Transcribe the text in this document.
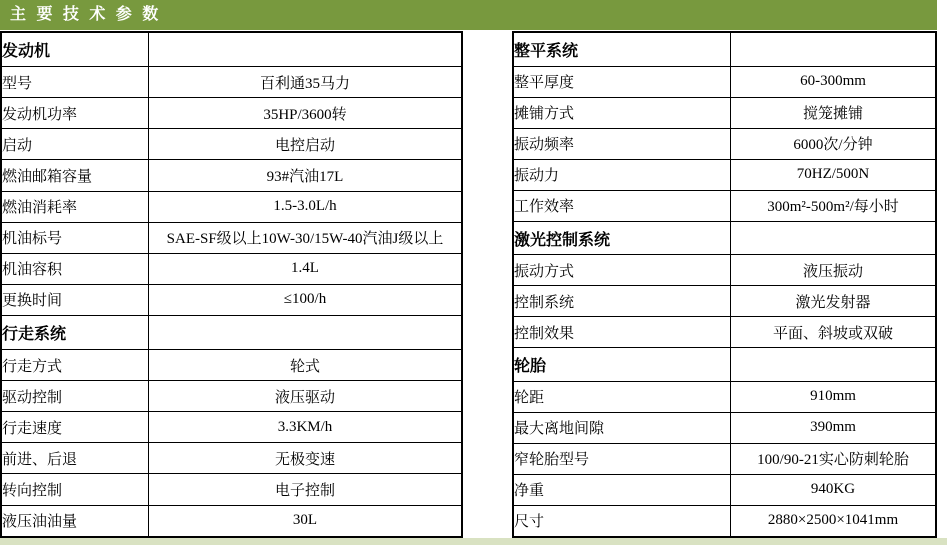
主 要 技 术 参 数
发动机	
型号	百利通35马力
发动机功率	35HP/3600转
启动	电控启动
燃油邮箱容量	93#汽油17L
燃油消耗率	1.5-3.0L/h
机油标号	SAE-SF级以上10W-30/15W-40汽油J级以上
机油容积	1.4L
更换时间	≤100/h
行走系统	
行走方式	轮式
驱动控制	液压驱动
行走速度	3.3KM/h
前进、后退	无极变速
转向控制	电子控制
液压油油量	30L
整平系统	
整平厚度	60-300mm
摊铺方式	搅笼摊铺
振动频率	6000次/分钟
振动力	70HZ/500N
工作效率	300m²-500m²/每小时
激光控制系统	
振动方式	液压振动
控制系统	激光发射器
控制效果	平面、斜坡或双破
轮胎	
轮距	910mm
最大离地间隙	390mm
窄轮胎型号	100/90-21实心防刺轮胎
净重	940KG
尺寸	2880×2500×1041mm
